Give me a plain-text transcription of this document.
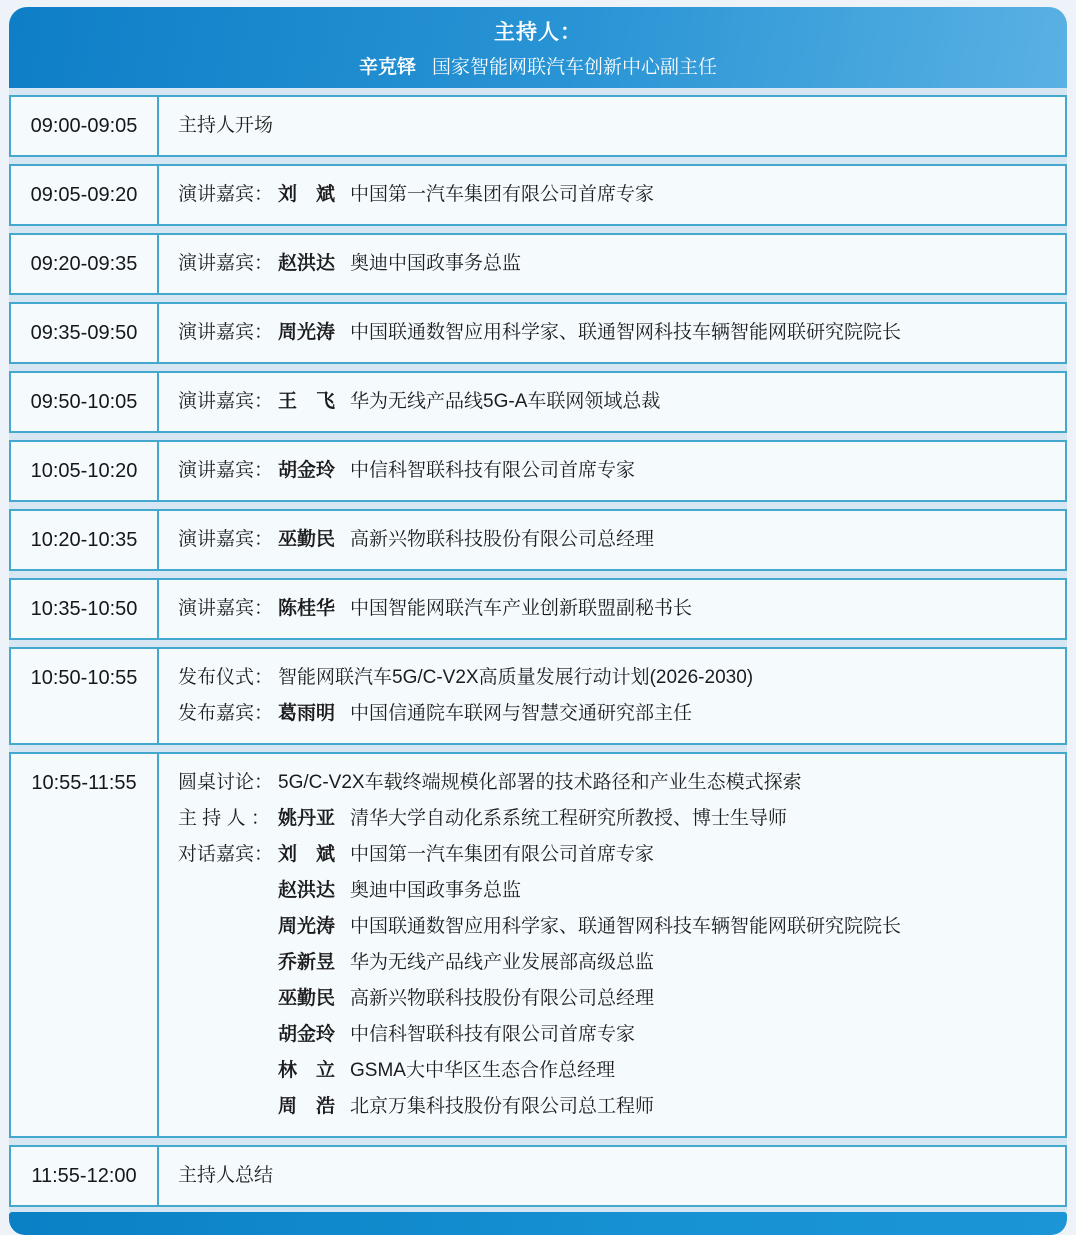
主持人：
辛克铎 国家智能网联汽车创新中心副主任
09:00-09:05	主持人开场
09:05-09:20	演讲嘉宾： 刘　斌 中国第一汽车集团有限公司首席专家
09:20-09:35	演讲嘉宾： 赵洪达 奥迪中国政事务总监
09:35-09:50	演讲嘉宾： 周光涛 中国联通数智应用科学家、联通智网科技车辆智能网联研究院院长
09:50-10:05	演讲嘉宾： 王　飞 华为无线产品线5G-A车联网领域总裁
10:05-10:20	演讲嘉宾： 胡金玲 中信科智联科技有限公司首席专家
10:20-10:35	演讲嘉宾： 巫勤民 高新兴物联科技股份有限公司总经理
10:35-10:50	演讲嘉宾： 陈桂华 中国智能网联汽车产业创新联盟副秘书长
10:50-10:55	发布仪式： 智能网联汽车5G/C-V2X高质量发展行动计划(2026-2030)
发布嘉宾： 葛雨明 中国信通院车联网与智慧交通研究部主任
10:55-11:55	圆桌讨论： 5G/C-V2X车载终端规模化部署的技术路径和产业生态模式探索
主 持 人 ： 姚丹亚 清华大学自动化系系统工程研究所教授、博士生导师
对话嘉宾： 刘　斌 中国第一汽车集团有限公司首席专家
赵洪达 奥迪中国政事务总监
周光涛 中国联通数智应用科学家、联通智网科技车辆智能网联研究院院长
乔新昱 华为无线产品线产业发展部高级总监
巫勤民 高新兴物联科技股份有限公司总经理
胡金玲 中信科智联科技有限公司首席专家
林　立 GSMA大中华区生态合作总经理
周　浩 北京万集科技股份有限公司总工程师
11:55-12:00	主持人总结
